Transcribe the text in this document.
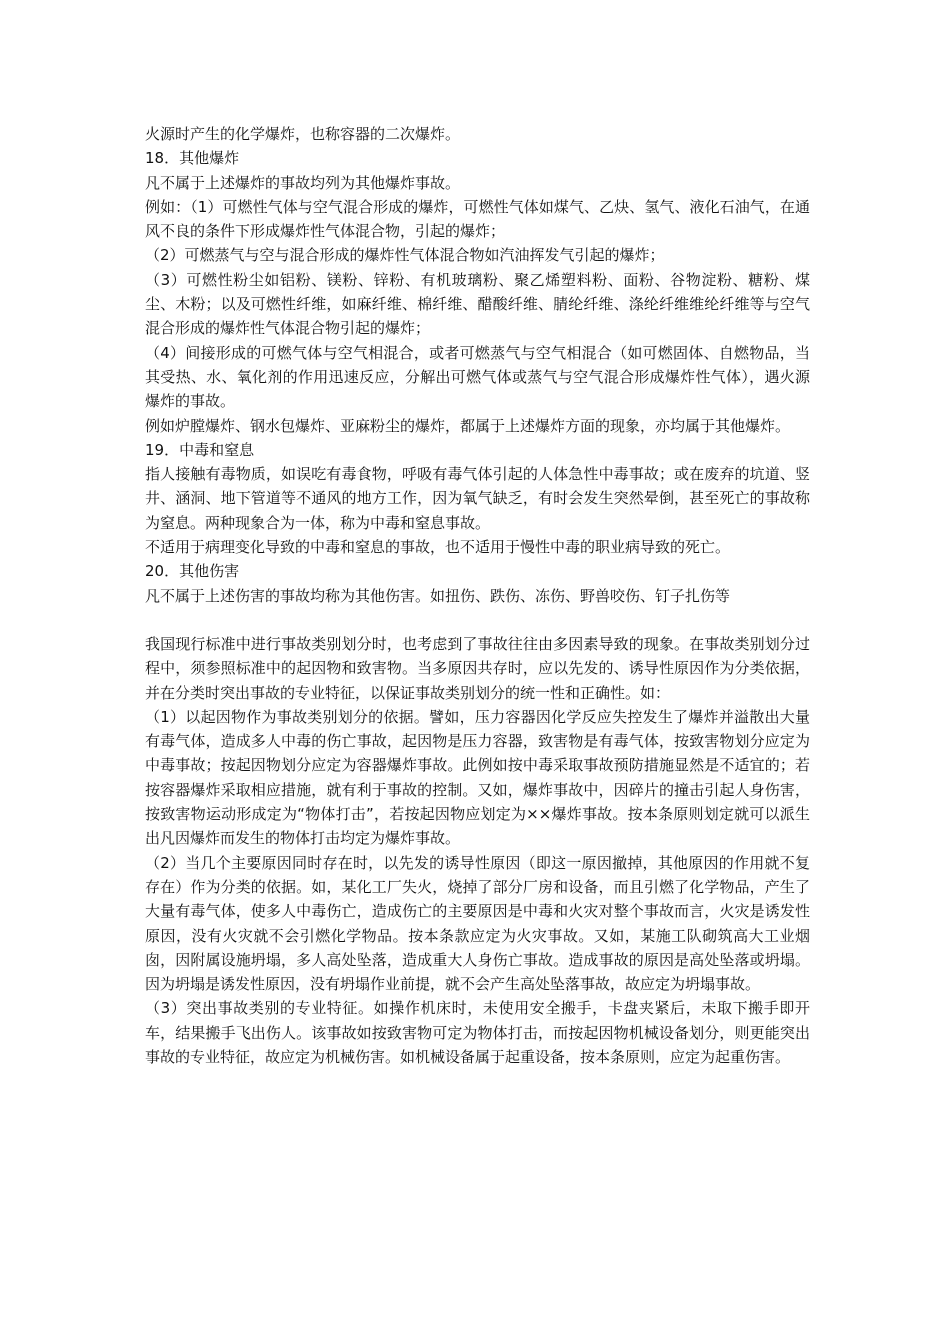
火源时产生的化学爆炸，也称容器的二次爆炸。
18．其他爆炸
凡不属于上述爆炸的事故均列为其他爆炸事故。
例如：（1）可燃性气体与空气混合形成的爆炸，可燃性气体如煤气、乙炔、氢气、液化石油气，在通风不良的条件下形成爆炸性气体混合物，引起的爆炸；
（2）可燃蒸气与空与混合形成的爆炸性气体混合物如汽油挥发气引起的爆炸；
（3）可燃性粉尘如铝粉、镁粉、锌粉、有机玻璃粉、聚乙烯塑料粉、面粉、谷物淀粉、糖粉、煤尘、木粉；以及可燃性纤维，如麻纤维、棉纤维、醋酸纤维、腈纶纤维、涤纶纤维维纶纤维等与空气混合形成的爆炸性气体混合物引起的爆炸；
（4）间接形成的可燃气体与空气相混合，或者可燃蒸气与空气相混合（如可燃固体、自燃物品，当其受热、水、氧化剂的作用迅速反应，分解出可燃气体或蒸气与空气混合形成爆炸性气体），遇火源爆炸的事故。
例如炉膛爆炸、钢水包爆炸、亚麻粉尘的爆炸，都属于上述爆炸方面的现象，亦均属于其他爆炸。
19．中毒和窒息
指人接触有毒物质，如误吃有毒食物，呼吸有毒气体引起的人体急性中毒事故；或在废弃的坑道、竖井、涵洞、地下管道等不通风的地方工作，因为氧气缺乏，有时会发生突然晕倒，甚至死亡的事故称为窒息。两种现象合为一体，称为中毒和窒息事故。
不适用于病理变化导致的中毒和窒息的事故，也不适用于慢性中毒的职业病导致的死亡。
20．其他伤害
凡不属于上述伤害的事故均称为其他伤害。如扭伤、跌伤、冻伤、野兽咬伤、钉子扎伤等
我国现行标准中进行事故类别划分时，也考虑到了事故往往由多因素导致的现象。在事故类别划分过程中，须参照标准中的起因物和致害物。当多原因共存时，应以先发的、诱导性原因作为分类依据，并在分类时突出事故的专业特征，以保证事故类别划分的统一性和正确性。如：
（1）以起因物作为事故类别划分的依据。譬如，压力容器因化学反应失控发生了爆炸并溢散出大量有毒气体，造成多人中毒的伤亡事故，起因物是压力容器，致害物是有毒气体，按致害物划分应定为中毒事故；按起因物划分应定为容器爆炸事故。此例如按中毒采取事故预防措施显然是不适宜的；若按容器爆炸采取相应措施，就有利于事故的控制。又如，爆炸事故中，因碎片的撞击引起人身伤害，按致害物运动形成定为“物体打击”，若按起因物应划定为××爆炸事故。按本条原则划定就可以派生出凡因爆炸而发生的物体打击均定为爆炸事故。
（2）当几个主要原因同时存在时，以先发的诱导性原因（即这一原因撤掉，其他原因的作用就不复存在）作为分类的依据。如，某化工厂失火，烧掉了部分厂房和设备，而且引燃了化学物品，产生了大量有毒气体，使多人中毒伤亡，造成伤亡的主要原因是中毒和火灾对整个事故而言，火灾是诱发性原因，没有火灾就不会引燃化学物品。按本条款应定为火灾事故。又如，某施工队砌筑高大工业烟囱，因附属设施坍塌，多人高处坠落，造成重大人身伤亡事故。造成事故的原因是高处坠落或坍塌。因为坍塌是诱发性原因，没有坍塌作业前提，就不会产生高处坠落事故，故应定为坍塌事故。
（3）突出事故类别的专业特征。如操作机床时，未使用安全搬手，卡盘夹紧后，未取下搬手即开车，结果搬手飞出伤人。该事故如按致害物可定为物体打击，而按起因物机械设备划分，则更能突出事故的专业特征，故应定为机械伤害。如机械设备属于起重设备，按本条原则，应定为起重伤害。
